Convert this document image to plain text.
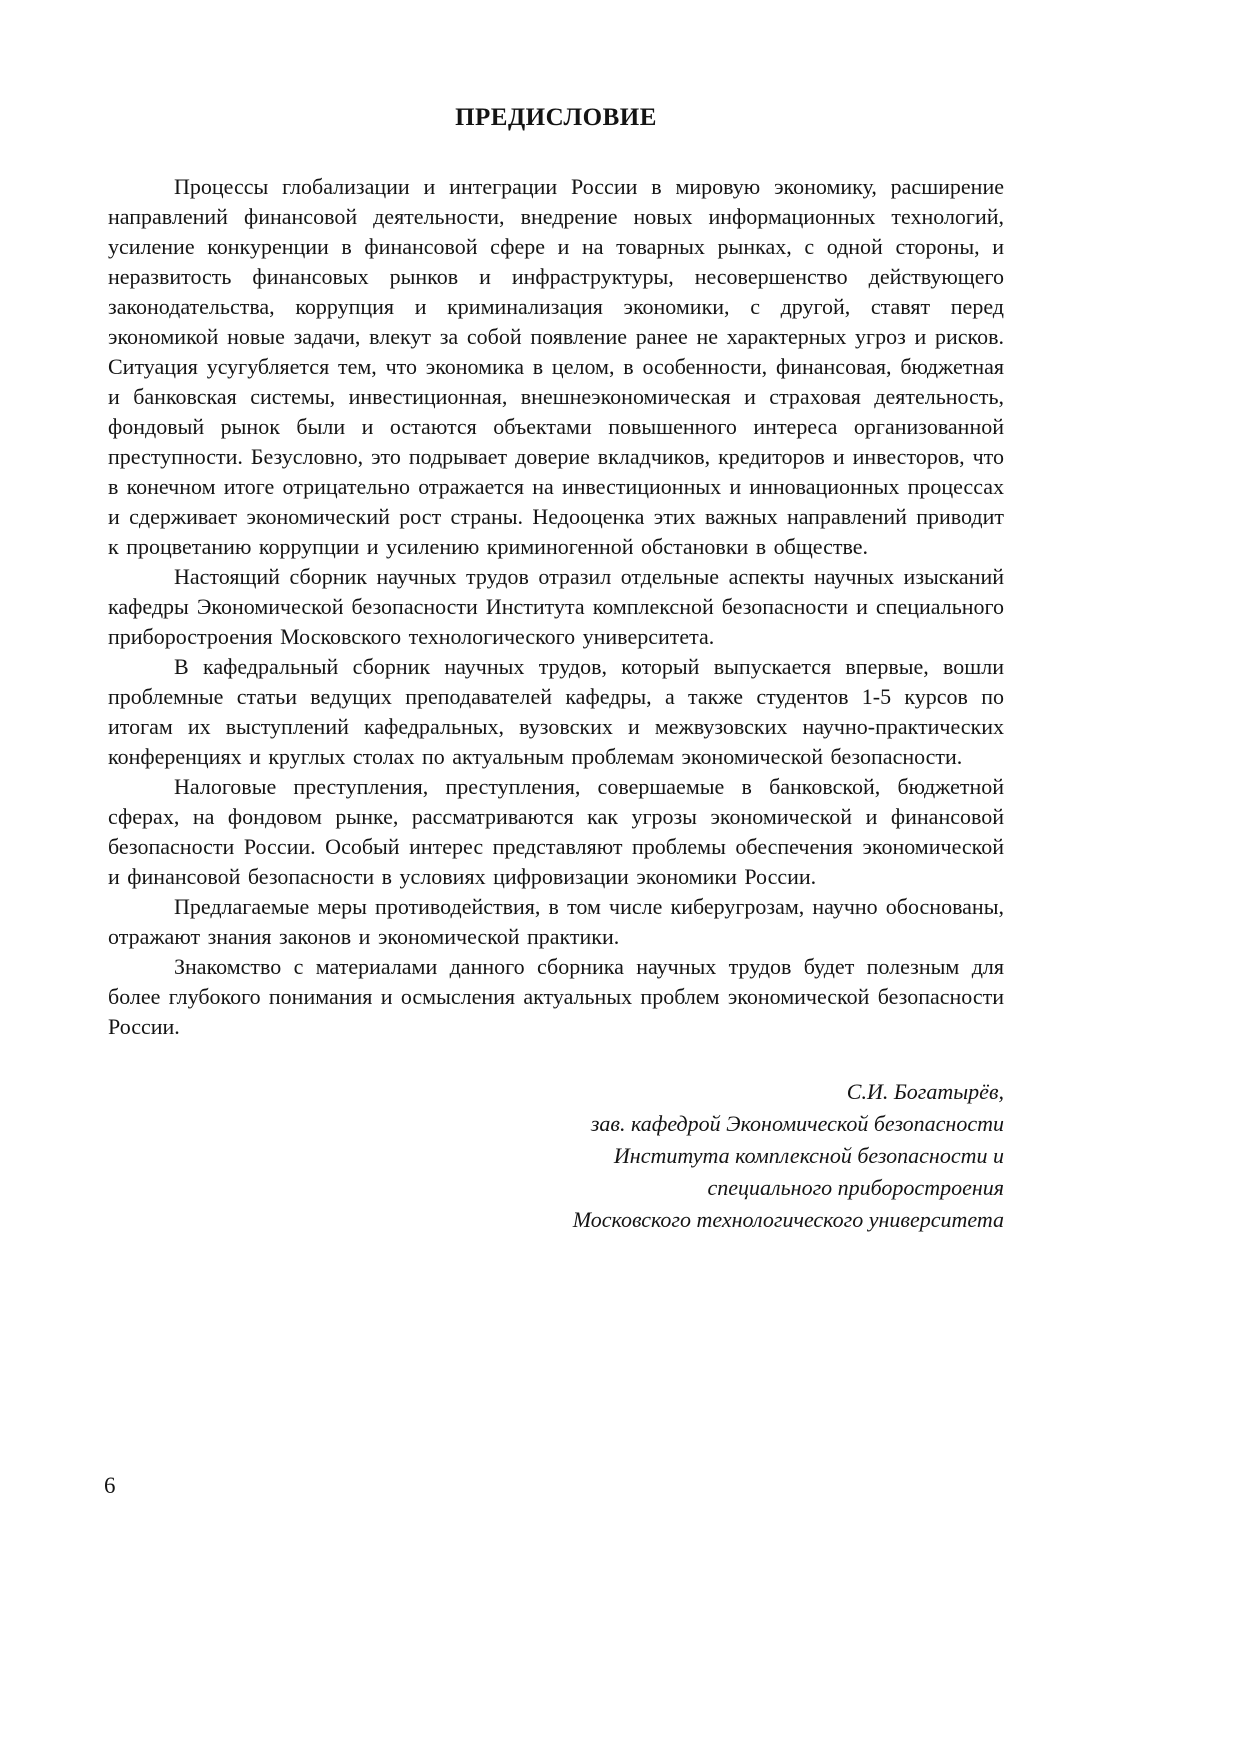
ПРЕДИСЛОВИЕ

Процессы глобализации и интеграции России в мировую экономику, расширение направлений финансовой деятельности, внедрение новых информационных технологий, усиление конкуренции в финансовой сфере и на товарных рынках, с одной стороны, и неразвитость финансовых рынков и инфраструктуры, несовершенство действующего законодательства, коррупция и криминализация экономики, с другой, ставят перед экономикой новые задачи, влекут за собой появление ранее не характерных угроз и рисков. Ситуация усугубляется тем, что экономика в целом, в особенности, финансовая, бюджетная и банковская системы, инвестиционная, внешнеэкономическая и страховая деятельность, фондовый рынок были и остаются объектами повышенного интереса организованной преступности. Безусловно, это подрывает доверие вкладчиков, кредиторов и инвесторов, что в конечном итоге отрицательно отражается на инвестиционных и инновационных процессах и сдерживает экономический рост страны. Недооценка этих важных направлений приводит к процветанию коррупции и усилению криминогенной обстановки в обществе.

Настоящий сборник научных трудов отразил отдельные аспекты научных изысканий кафедры Экономической безопасности Института комплексной безопасности и специального приборостроения Московского технологического университета.

В кафедральный сборник научных трудов, который выпускается впервые, вошли проблемные статьи ведущих преподавателей кафедры, а также студентов 1-5 курсов по итогам их выступлений кафедральных, вузовских и межвузовских научно-практических конференциях и круглых столах по актуальным проблемам экономической безопасности.

Налоговые преступления, преступления, совершаемые в банковской, бюджетной сферах, на фондовом рынке, рассматриваются как угрозы экономической и финансовой безопасности России. Особый интерес представляют проблемы обеспечения экономической и финансовой безопасности в условиях цифровизации экономики России.

Предлагаемые меры противодействия, в том числе киберугрозам, научно обоснованы, отражают знания законов и экономической практики.

Знакомство с материалами данного сборника научных трудов будет полезным для более глубокого понимания и осмысления актуальных проблем экономической безопасности России.

С.И. Богатырёв,
зав. кафедрой Экономической безопасности
Института комплексной безопасности и
специального приборостроения
Московского технологического университета
6
